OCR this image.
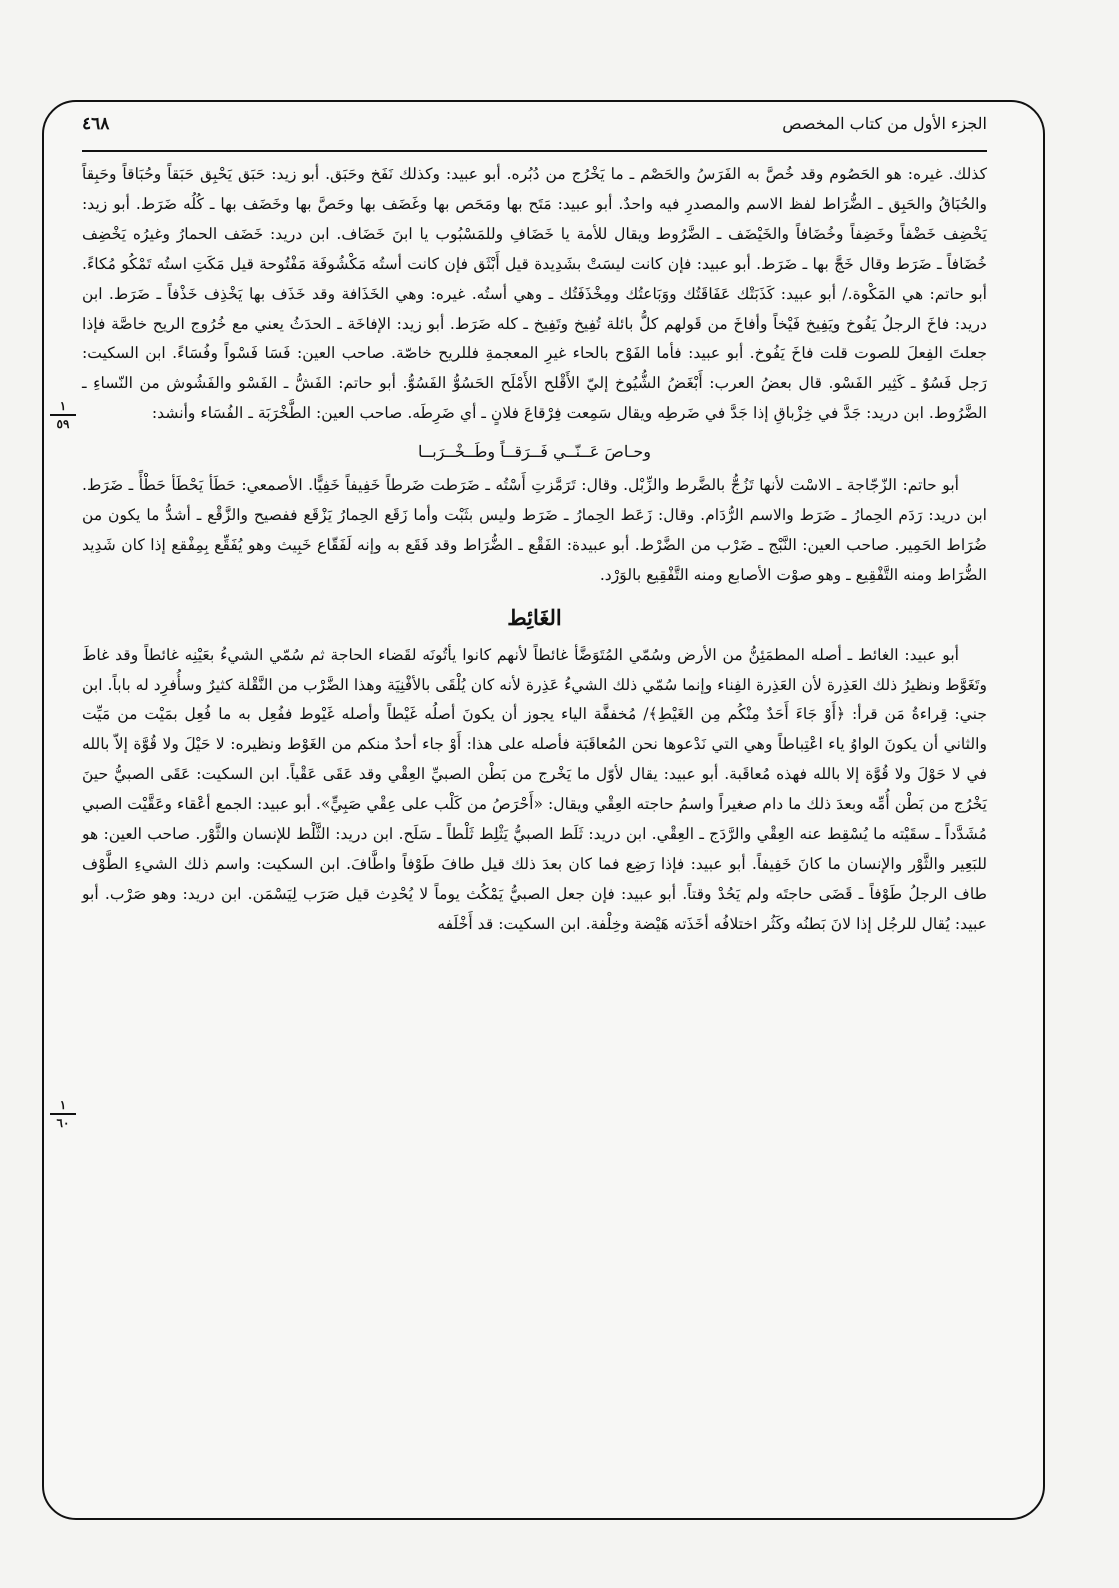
الجزء الأول من كتاب المخصص
٤٦٨
١
٥٩
١
٦٠

كذلك. غيره: هو الحَصُوم وقد خُصَّ به الفَرَسُ والحَصْم ـ ما يَخْرُج من دُبُره. أبو عبيد: وكذلك نَفَخ وحَبَق. أبو زيد: حَبَق يَحْبِق حَبَقاً وحُبَاقاً وحَبِقاً والحُبَاقُ والحَبِق ـ الضُّرَاط لفظ الاسم والمصدرِ فيه واحدٌ. أبو عبيد: مَتَح بها ومَحَص بها وغَضَف بها وحَصَّ بها وخَضَف بها ـ كُلُه ضَرَط. أبو زيد: يَخْضِف خَضْفاً وخَضِفاً وخُضَافاً والخَيْضَف ـ الضَّرُوط ويقال للأمة يا خَضَافِ وللمَسْبُوب يا ابنَ خَضَاف. ابن دريد: خَضَف الحمارُ وغيرُه يَخْضِف خُضَافاً ـ ضَرَط وقال خَجَّ بها ـ ضَرَط. أبو عبيد: فإن كانت ليسَتْ بشَدِيدة قيل أَبْثَق فإن كانت أستُه مَكْشُوفَة مَفْتُوحة قيل مَكَتِ استُه تَمْكُو مُكاءً. أبو حاتم: هي المَكْوة./ أبو عبيد: كَذَبَتْك عَفَاقَتُك ووَبَاعتُك ومِخْذَفَتُك ـ وهي أستُه. غيره: وهي الخَذَافة وقد خَذَف بها يَخْذِف خَذْفاً ـ ضَرَط. ابن دريد: فاخَ الرجلُ يَفُوخ ويَفِيخ فَيْخاً وأفاخَ من قَولهم كلُّ بائلة تُفِيخ وتَفِيخ ـ كله ضَرَط. أبو زيد: الإفاخَة ـ الحدَثُ يعني مع خُرُوج الريح خاصَّة فإذا جعلتَ الفِعلَ للصوت قلت فاخَ يَفُوخ. أبو عبيد: فأما الفَوْح بالحاء غيرِ المعجمةِ فللريح خاصّة. صاحب العين: فَسَا فَسْواً وفُسَاءً. ابن السكيت: رَجل فَسُوٌ ـ كَثِير الفَسْو. قال بعضُ العرب: أَبْغَضُ الشُّيُوخ إليّ الأَقْلح الأَمْلَح الحَسُوُّ الفَسُوُّ. أبو حاتم: الفَشُّ ـ الفَسْو والفَشُوش من النّساءِ ـ الضَّرُوط. ابن دريد: جَدَّ في خِزْباقِ إذا جَدَّ في ضَرطِه ويقال سَمِعت فِرْقاعَ فلانٍ ـ أي ضَرِطَه. صاحب العين: الطَّخْرَبَة ـ الفُسَاء وأنشد:

وحـاصَ عَــنّــي فَــرَقــاً وطَــخْــرَبــا

أبو حاتم: الزّجّاجة ـ الاسْت لأنها تَزُجُّ بالضَّرط والزِّبْل. وقال: تَرَمَّزتِ أَسْتُه ـ ضَرَطت ضَرطاً خَفِيفاً خَفِيًّا. الأصمعي: حَطَأ يَحْطَأ حَطْأً ـ ضَرَط. ابن دريد: رَدَم الحِمارُ ـ ضَرَط والاسم الرُّدَام. وقال: زَعَط الحِمارُ ـ ضَرَط وليس بثَبْت وأما زَقَع الحِمارُ يَزْقَع ففصيح والزَّقْع ـ أشدُّ ما يكون من ضُرَاط الحَمِير. صاحب العين: النَّبْج ـ ضَرْب من الضَّرْط. أبو عبيدة: الفَقْع ـ الضُّرَاط وقد فَقَع به وإنه لَفَقّاع خَبِيث وهو يُفَقِّع بِمِفْقع إذا كان شَدِيد الضُّرَاط ومنه التَّفْقِيع ـ وهو صوْت الأصابع ومنه التَّفْقِيع بالوَرْد.

الغَائِط

أبو عبيد: الغائط ـ أصله المطمَئِنُّ من الأرض وسُمّي المُتَوَضَّأ غائطاً لأنهم كانوا يأتُونَه لقَضاء الحاجة ثم سُمّي الشيءُ بعَيْنِه غائطاً وقد غاطَ وتَغَوَّط ونظيرُ ذلك العَذِرة لأن العَذِرة الفِناء وإنما سُمّي ذلك الشيءُ عَذِرة لأنه كان يُلْقَى بالأفْنِيَة وهذا الضَّرْب من النَّقْلة كثيرٌ وسأُفرِد له باباً. ابن جني: قِراءةُ مَن قرأ: ﴿أَوْ جَاءَ أَحَدٌ مِنْكُم مِن الغَيْطِ﴾/ مُخففَّة الياء يجوز أن يكونَ أصلُه غَيْطاً وأصله غَيْوط ففُعِل به ما فُعِل بمَيْت من مَيِّت والثاني أن يكونَ الواوُ ياء اعْتِباطاً وهي التي نَدْعوها نحن المُعاقَبَة فأصله على هذا: أَوْ جاء أحدٌ منكم من الغَوْط ونظيره: لا حَيْلَ ولا قُوَّة إلاّ بالله في لا حَوْلَ ولا قُوَّة إلا بالله فهذه مُعاقَبة. أبو عبيد: يقال لأوّل ما يَخْرج من بَطْن الصبيِّ العِقْي وقد عَقَى عَقْياً. ابن السكيت: عَقَى الصبيُّ حينَ يَخْرُج من بَطْن أُمِّه وبعدَ ذلك ما دام صغيراً واسمُ حاجته العِقْي ويقال: «أَحْرَصُ من كَلْب على عِقْي صَبِيٍّ». أبو عبيد: الجمع أعْقاء وعَقَّيْت الصبي مُشَدَّداً ـ سقَيْته ما يُسْقِط عنه العِقْي والرَّدَج ـ العِقْي. ابن دريد: ثَلَط الصبيُّ يَثْلِط ثَلْطاً ـ سَلَح. ابن دريد: الثَّلْط للإنسان والثَّوْر. صاحب العين: هو للبَعِير والثَّوْر والإنسان ما كانَ خَفِيفاً. أبو عبيد: فإذا رَضِع فما كان بعدَ ذلك قيل طافَ طَوْفاً واطَّافَ. ابن السكيت: واسم ذلك الشيءِ الطَّوْف طاف الرجلُ طَوْفاً ـ قَضَى حاجتَه ولم يَحُدْ وقتاً. أبو عبيد: فإن جعل الصبيُّ يَمْكُث يوماً لا يُحْدِث قيل صَرَب لِيَسْمَن. ابن دريد: وهو صَرْب. أبو عبيد: يُقال للرجُل إذا لانَ بَطنُه وكَثُر اختلافُه أخَذَته هَيْضة وخِلْفة. ابن السكيت: قد أَخْلَفه
